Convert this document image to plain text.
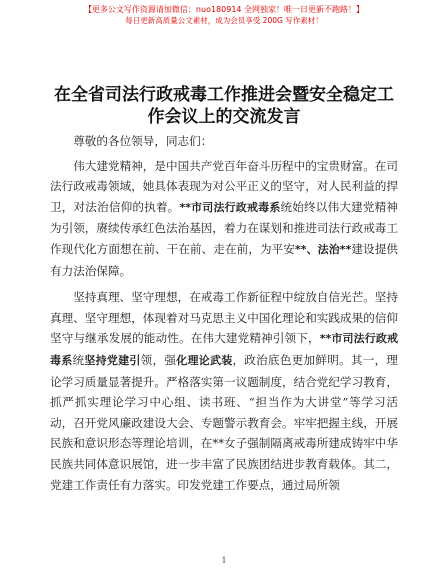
【更多公文写作资源请加微信：nuo180914 全网独家！唯一日更新不跑路！】
每日更新高质量公文素材，成为会员享受 200G 写作素材！
在全省司法行政戒毒工作推进会暨安全稳定工作会议上的交流发言

尊敬的各位领导，同志们：

伟大建党精神，是中国共产党百年奋斗历程中的宝贵财富。在司法行政戒毒领域，她具体表现为对公平正义的坚守，对人民利益的捍卫，对法治信仰的执着。**市司法行政戒毒系统始终以伟大建党精神为引领，赓续传承红色法治基因，着力在谋划和推进司法行政戒毒工作现代化方面想在前、干在前、走在前，为平安**、法治**建设提供有力法治保障。

坚持真理、坚守理想，在戒毒工作新征程中绽放自信光芒。坚持真理、坚守理想，体现着对马克思主义中国化理论和实践成果的信仰坚守与继承发展的能动性。在伟大建党精神引领下，**市司法行政戒毒系统坚持党建引领，强化理论武装，政治底色更加鲜明。其一，理论学习质量显著提升。严格落实第一议题制度，结合党纪学习教育，抓严抓实理论学习中心组、读书班、“担当作为大讲堂”等学习活动，召开党风廉政建设大会、专题警示教育会。牢牢把握主线，开展民族和意识形态等理论培训，在**女子强制隔离戒毒所建成铸牢中华民族共同体意识展馆，进一步丰富了民族团结进步教育载体。其二，党建工作责任有力落实。印发党建工作要点，通过局所领

1
